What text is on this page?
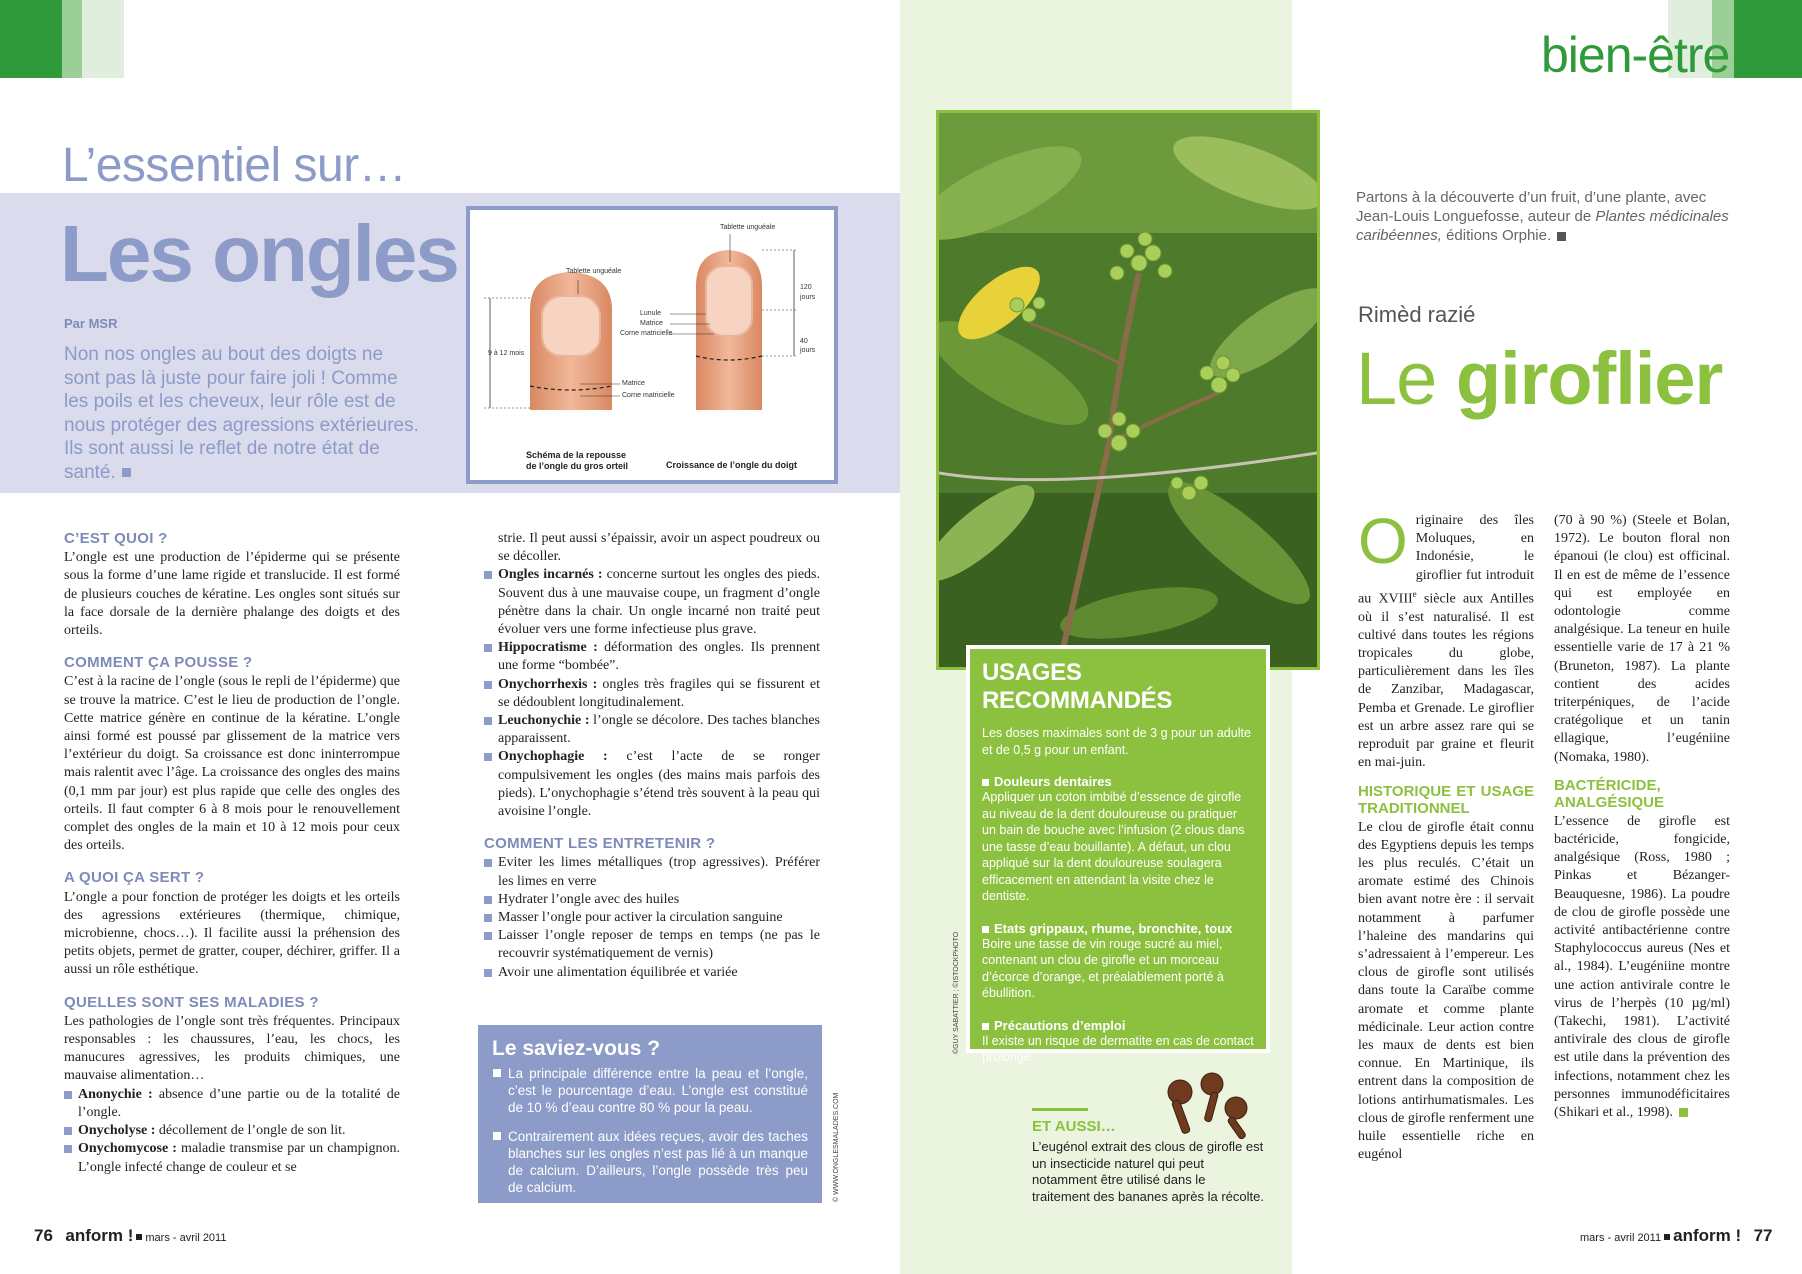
L’essentiel sur…
Les ongles
Par MSR
Non nos ongles au bout des doigts ne sont pas là juste pour faire joli ! Comme les poils et les cheveux, leur rôle est de nous protéger des agressions extérieures. Ils sont aussi le reflet de notre état de santé.
Tablette unguéale
Tablette unguéale
9 à 12 mois
Lunule
Matrice
Corne matricielle
Matrice
Corne matricielle
120
jours
40
jours
Schéma de la repousse
de l’ongle du gros orteil	Croissance de l’ongle du doigt
C’EST QUOI ?

L’ongle est une production de l’épiderme qui se présente sous la forme d’une lame rigide et translucide. Il est formé de plusieurs couches de kératine. Les ongles sont situés sur la face dorsale de la dernière phalange des doigts et des orteils.

COMMENT ÇA POUSSE ?

C’est à la racine de l’ongle (sous le repli de l’épiderme) que se trouve la matrice. C’est le lieu de production de l’ongle. Cette matrice génère en continue de la kératine. L’ongle ainsi formé est poussé par glissement de la matrice vers l’extérieur du doigt. Sa croissance est donc ininterrompue mais ralentit avec l’âge. La croissance des ongles des mains (0,1 mm par jour) est plus rapide que celle des ongles des orteils. Il faut compter 6 à 8 mois pour le renouvellement complet des ongles de la main et 10 à 12 mois pour ceux des orteils.

A QUOI ÇA SERT ?

L’ongle a pour fonction de protéger les doigts et les orteils des agressions extérieures (thermique, chimique, microbienne, chocs…). Il facilite aussi la préhension des petits objets, permet de gratter, couper, déchirer, griffer. Il a aussi un rôle esthétique.

QUELLES SONT SES MALADIES ?

Les pathologies de l’ongle sont très fréquentes. Principaux responsables : les chaussures, l’eau, les chocs, les manucures agressives, les produits chimiques, une mauvaise alimentation…

Anonychie : absence d’une partie ou de la totalité de l’ongle.
Onycholyse : décollement de l’ongle de son lit.
Onychomycose : maladie transmise par un champignon. L’ongle infecté change de couleur et se

strie. Il peut aussi s’épaissir, avoir un aspect poudreux ou se décoller.

Ongles incarnés : concerne surtout les ongles des pieds. Souvent dus à une mauvaise coupe, un fragment d’ongle pénètre dans la chair. Un ongle incarné non traité peut évoluer vers une forme infectieuse plus grave.
Hippocratisme : déformation des ongles. Ils prennent une forme “bombée”.
Onychorrhexis : ongles très fragiles qui se fissurent et se dédoublent longitudinalement.
Leuchonychie : l’ongle se décolore. Des taches blanches apparaissent.
Onychophagie : c’est l’acte de se ronger compulsivement les ongles (des mains mais parfois des pieds). L’onychophagie s’étend très souvent à la peau qui avoisine l’ongle.
COMMENT LES ENTRETENIR ?
Eviter les limes métalliques (trop agressives). Préférer les limes en verre
Hydrater l’ongle avec des huiles
Masser l’ongle pour activer la circulation sanguine
Laisser l’ongle reposer de temps en temps (ne pas le recouvrir systématiquement de vernis)
Avoir une alimentation équilibrée et variée
Le saviez-vous ?
La principale différence entre la peau et l’ongle, c’est le pourcentage d’eau. L’ongle est constitué de 10 % d’eau contre 80 % pour la peau.
Contrairement aux idées reçues, avoir des taches blanches sur les ongles n’est pas lié à un manque de calcium. D’ailleurs, l’ongle possède très peu de calcium.	© WWW.ONGLESMALADES.COM
76 anform ! mars - avril 2011
©GUY SABATTIER ; ©ISTOCKPHOTO
USAGES RECOMMANDÉS
Les doses maximales sont de 3 g pour un adulte et de 0,5 g pour un enfant.
Douleurs dentaires
Appliquer un coton imbibé d’essence de girofle au niveau de la dent douloureuse ou pratiquer un bain de bouche avec l’infusion (2 clous dans une tasse d’eau bouillante). A défaut, un clou appliqué sur la dent douloureuse soulagera efficacement en attendant la visite chez le dentiste.
Etats grippaux, rhume, bronchite, toux
Boire une tasse de vin rouge sucré au miel, contenant un clou de girofle et un morceau d’écorce d’orange, et préalablement porté à ébullition.
Précautions d’emploi
Il existe un risque de dermatite en cas de contact prolongé.
ET AUSSI…
L’eugénol extrait des clous de girofle est un insecticide naturel qui peut notamment être utilisé dans le traitement des bananes après la récolte.
bien-être
Partons à la découverte d’un fruit, d’une plante, avec Jean-Louis Longuefosse, auteur de Plantes médicinales caribéennes, éditions Orphie.
Rimèd razié
Le giroflier

Originaire des îles Moluques, en Indonésie, le giroflier fut introduit au XVIIIe siècle aux Antilles où il s’est naturalisé. Il est cultivé dans toutes les régions tropicales du globe, particulièrement dans les îles de Zanzibar, Madagascar, Pemba et Grenade. Le giroflier est un arbre assez rare qui se reproduit par graine et fleurit en mai-juin.

HISTORIQUE ET USAGE TRADITIONNEL

Le clou de girofle était connu des Egyptiens depuis les temps les plus reculés. C’était un aromate estimé des Chinois bien avant notre ère : il servait notamment à parfumer l’haleine des mandarins qui s’adressaient à l’empereur. Les clous de girofle sont utilisés dans toute la Caraïbe comme aromate et comme plante médicinale. Leur action contre les maux de dents est bien connue. En Martinique, ils entrent dans la composition de lotions antirhumatismales. Les clous de girofle renferment une huile essentielle riche en eugénol

(70 à 90 %) (Steele et Bolan, 1972). Le bouton floral non épanoui (le clou) est officinal. Il en est de même de l’essence qui est employée en odontologie comme analgésique. La teneur en huile essentielle varie de 17 à 21 % (Bruneton, 1987). La plante contient des acides triterpéniques, de l’acide cratégolique et un tanin ellagique, l’eugéniine (Nomaka, 1980).

BACTÉRICIDE, ANALGÉSIQUE

L’essence de girofle est bactéricide, fongicide, analgésique (Ross, 1980 ; Pinkas et Bézanger-Beauquesne, 1986). La poudre de clou de girofle possède une activité antibactérienne contre Staphylococcus aureus (Nes et al., 1984). L’eugéniine montre une action antivirale contre le virus de l’herpès (10 µg/ml) (Takechi, 1981). L’activité antivirale des clous de girofle est utile dans la prévention des infections, notamment chez les personnes immunodéficitaires (Shikari et al., 1998).

mars - avril 2011 anform ! 77
